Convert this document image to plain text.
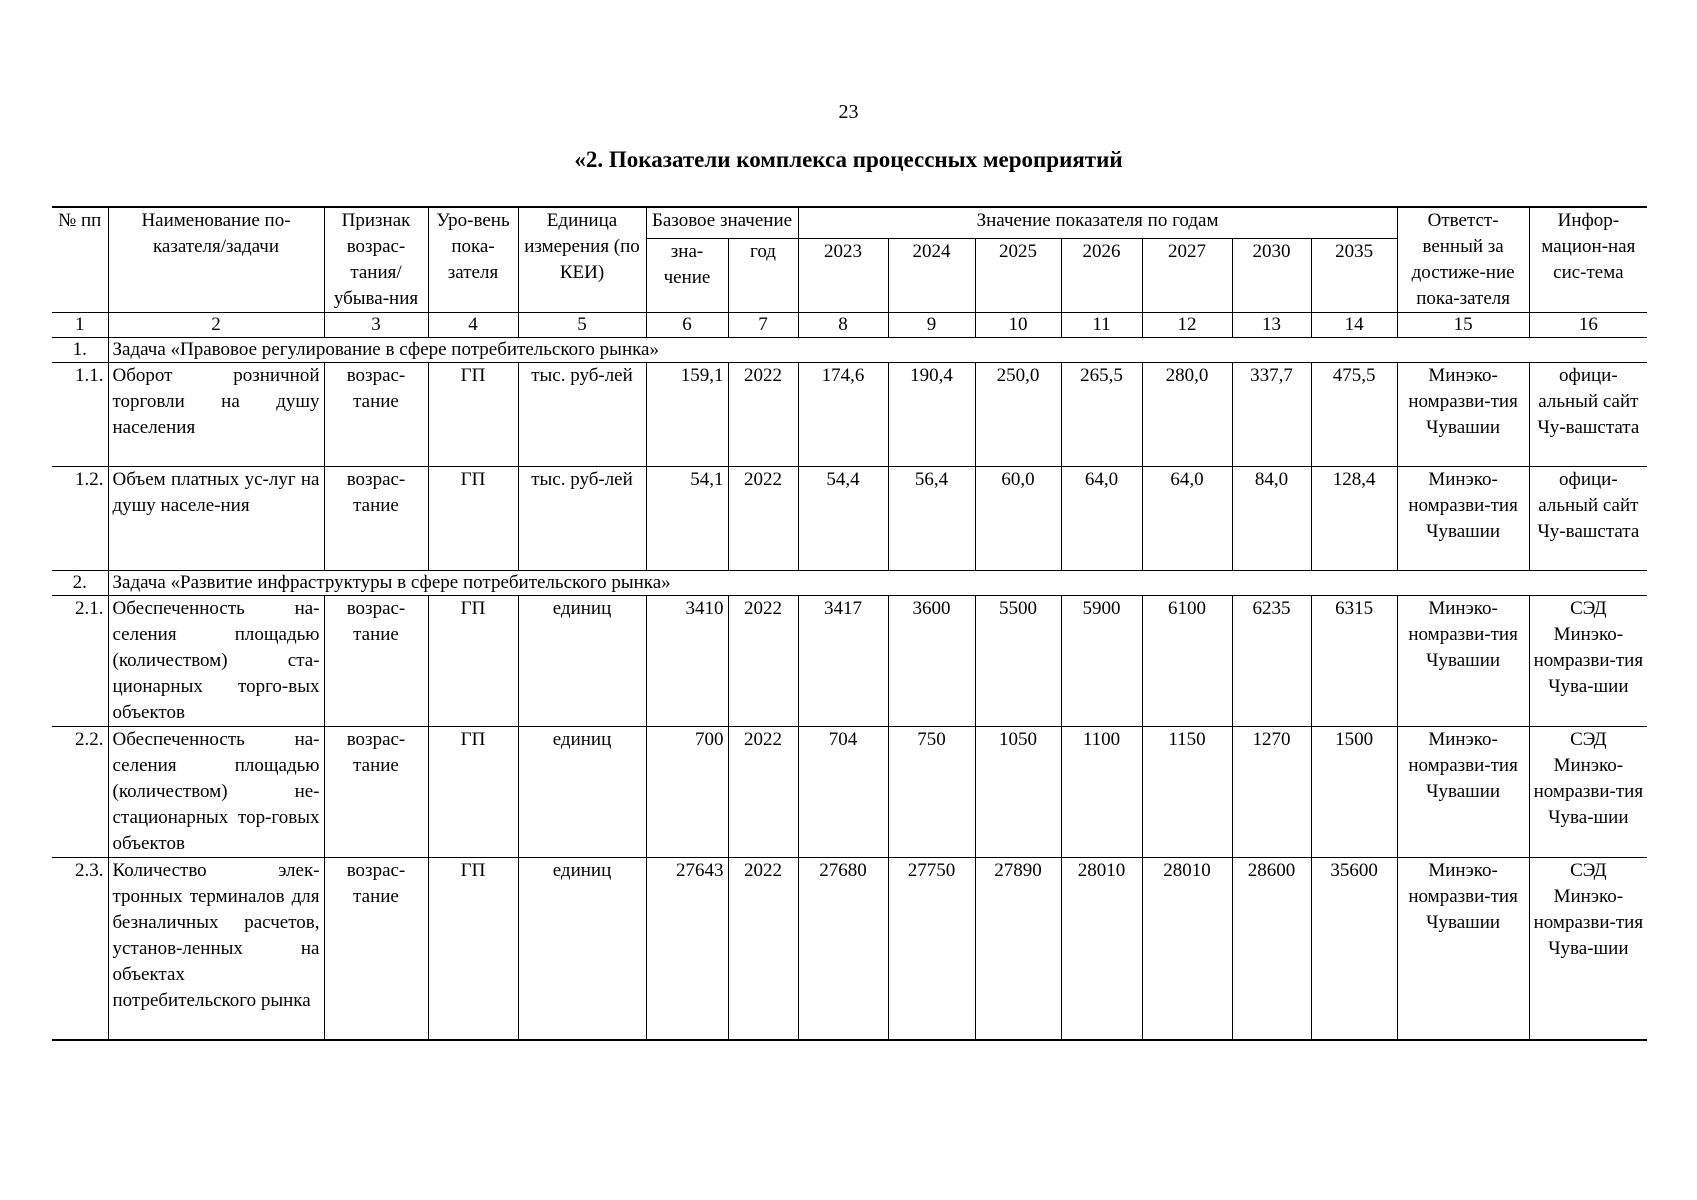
23
«2. Показатели комплекса процессных мероприятий
№ пп	Наименование по-казателя/задачи	Признак возрас-тания/ убыва-ния	Уро-вень пока-зателя	Единица измерения (по КЕИ)	Базовое значение		Значение показателя по годам							Ответст-венный за достиже-ние пока-зателя	Инфор-мацион-ная сис-тема
					зна-чение	год	2023	2024	2025	2026	2027	2030	2035		
1	2	3	4	5	6	7	8	9	10	11	12	13	14	15	16
1.	Задача «Правовое регулирование в сфере потребительского рынка»														
1.1.	Оборот розничной торговли на душу населения	возрас-тание	ГП	тыс. руб-лей	159,1	2022	174,6	190,4	250,0	265,5	280,0	337,7	475,5	Минэко-номразви-тия Чувашии	офици-альный сайт Чу-вашстата
1.2.	Объем платных ус-луг на душу населе-ния	возрас-тание	ГП	тыс. руб-лей	54,1	2022	54,4	56,4	60,0	64,0	64,0	84,0	128,4	Минэко-номразви-тия Чувашии	офици-альный сайт Чу-вашстата
2.	Задача «Развитие инфраструктуры в сфере потребительского рынка»														
2.1.	Обеспеченность на-селения площадью (количеством) ста-ционарных торго-вых объектов	возрас-тание	ГП	единиц	3410	2022	3417	3600	5500	5900	6100	6235	6315	Минэко-номразви-тия Чувашии	СЭД Минэко-номразви-тия Чува-шии
2.2.	Обеспеченность на-селения площадью (количеством) не-стационарных тор-говых объектов	возрас-тание	ГП	единиц	700	2022	704	750	1050	1100	1150	1270	1500	Минэко-номразви-тия Чувашии	СЭД Минэко-номразви-тия Чува-шии
2.3.	Количество элек-тронных терминалов для безналичных расчетов, установ-ленных на объектах потребительского рынка	возрас-тание	ГП	единиц	27643	2022	27680	27750	27890	28010	28010	28600	35600	Минэко-номразви-тия Чувашии	СЭД Минэко-номразви-тия Чува-шии
